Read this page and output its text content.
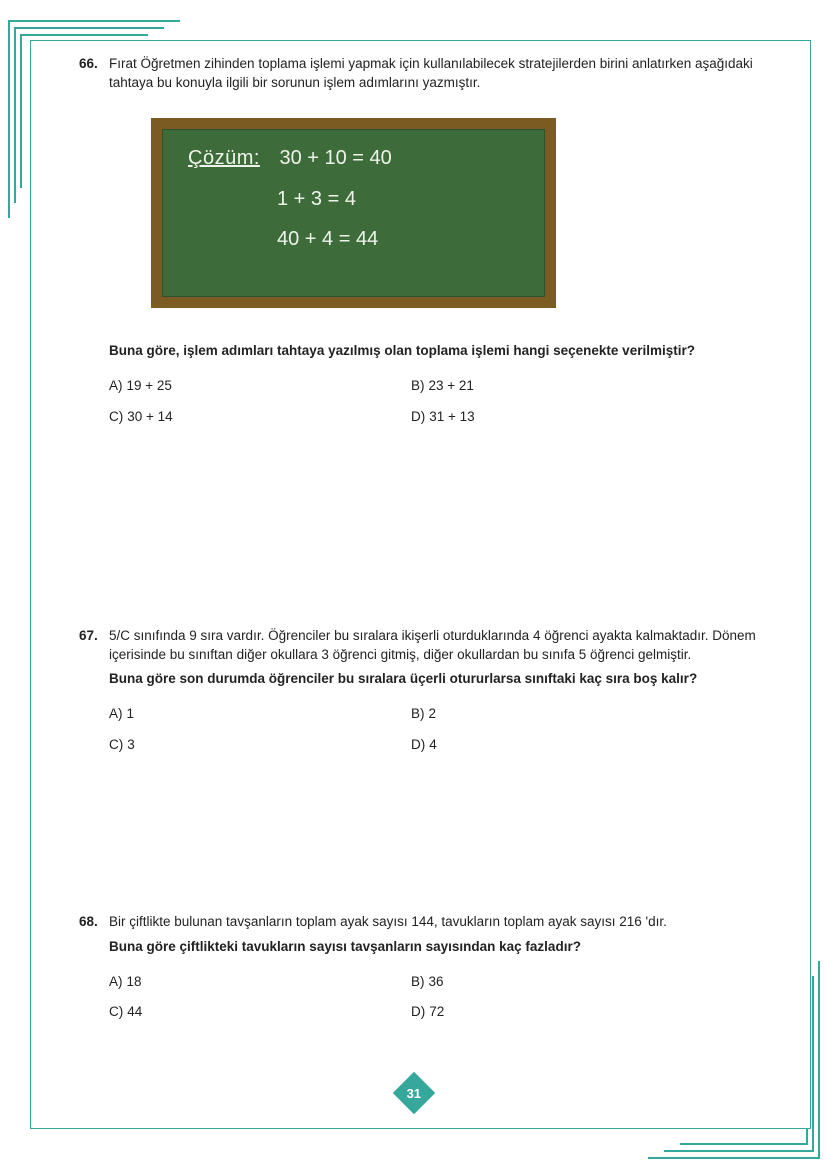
66. Fırat Öğretmen zihinden toplama işlemi yapmak için kullanılabilecek stratejilerden birini anlatırken aşağıdaki tahtaya bu konuyla ilgili bir sorunun işlem adımlarını yazmıştır.

Çözüm: 30 + 10 = 40
1 + 3 = 4
40 + 4 = 44

Buna göre, işlem adımları tahtaya yazılmış olan toplama işlemi hangi seçenekte verilmiştir?

A) 19 + 25	B) 23 + 21
C) 30 + 14	D) 31 + 13
67. 5/C sınıfında 9 sıra vardır. Öğrenciler bu sıralara ikişerli oturduklarında 4 öğrenci ayakta kalmaktadır. Dönem içerisinde bu sınıftan diğer okullara 3 öğrenci gitmiş, diğer okullardan bu sınıfa 5 öğrenci gelmiştir.

Buna göre son durumda öğrenciler bu sıralara üçerli otururlarsa sınıftaki kaç sıra boş kalır?

A) 1	B) 2
C) 3	D) 4
68. Bir çiftlikte bulunan tavşanların toplam ayak sayısı 144, tavukların toplam ayak sayısı 216 'dır.

Buna göre çiftlikteki tavukların sayısı tavşanların sayısından kaç fazladır?

A) 18	B) 36
C) 44	D) 72
31
